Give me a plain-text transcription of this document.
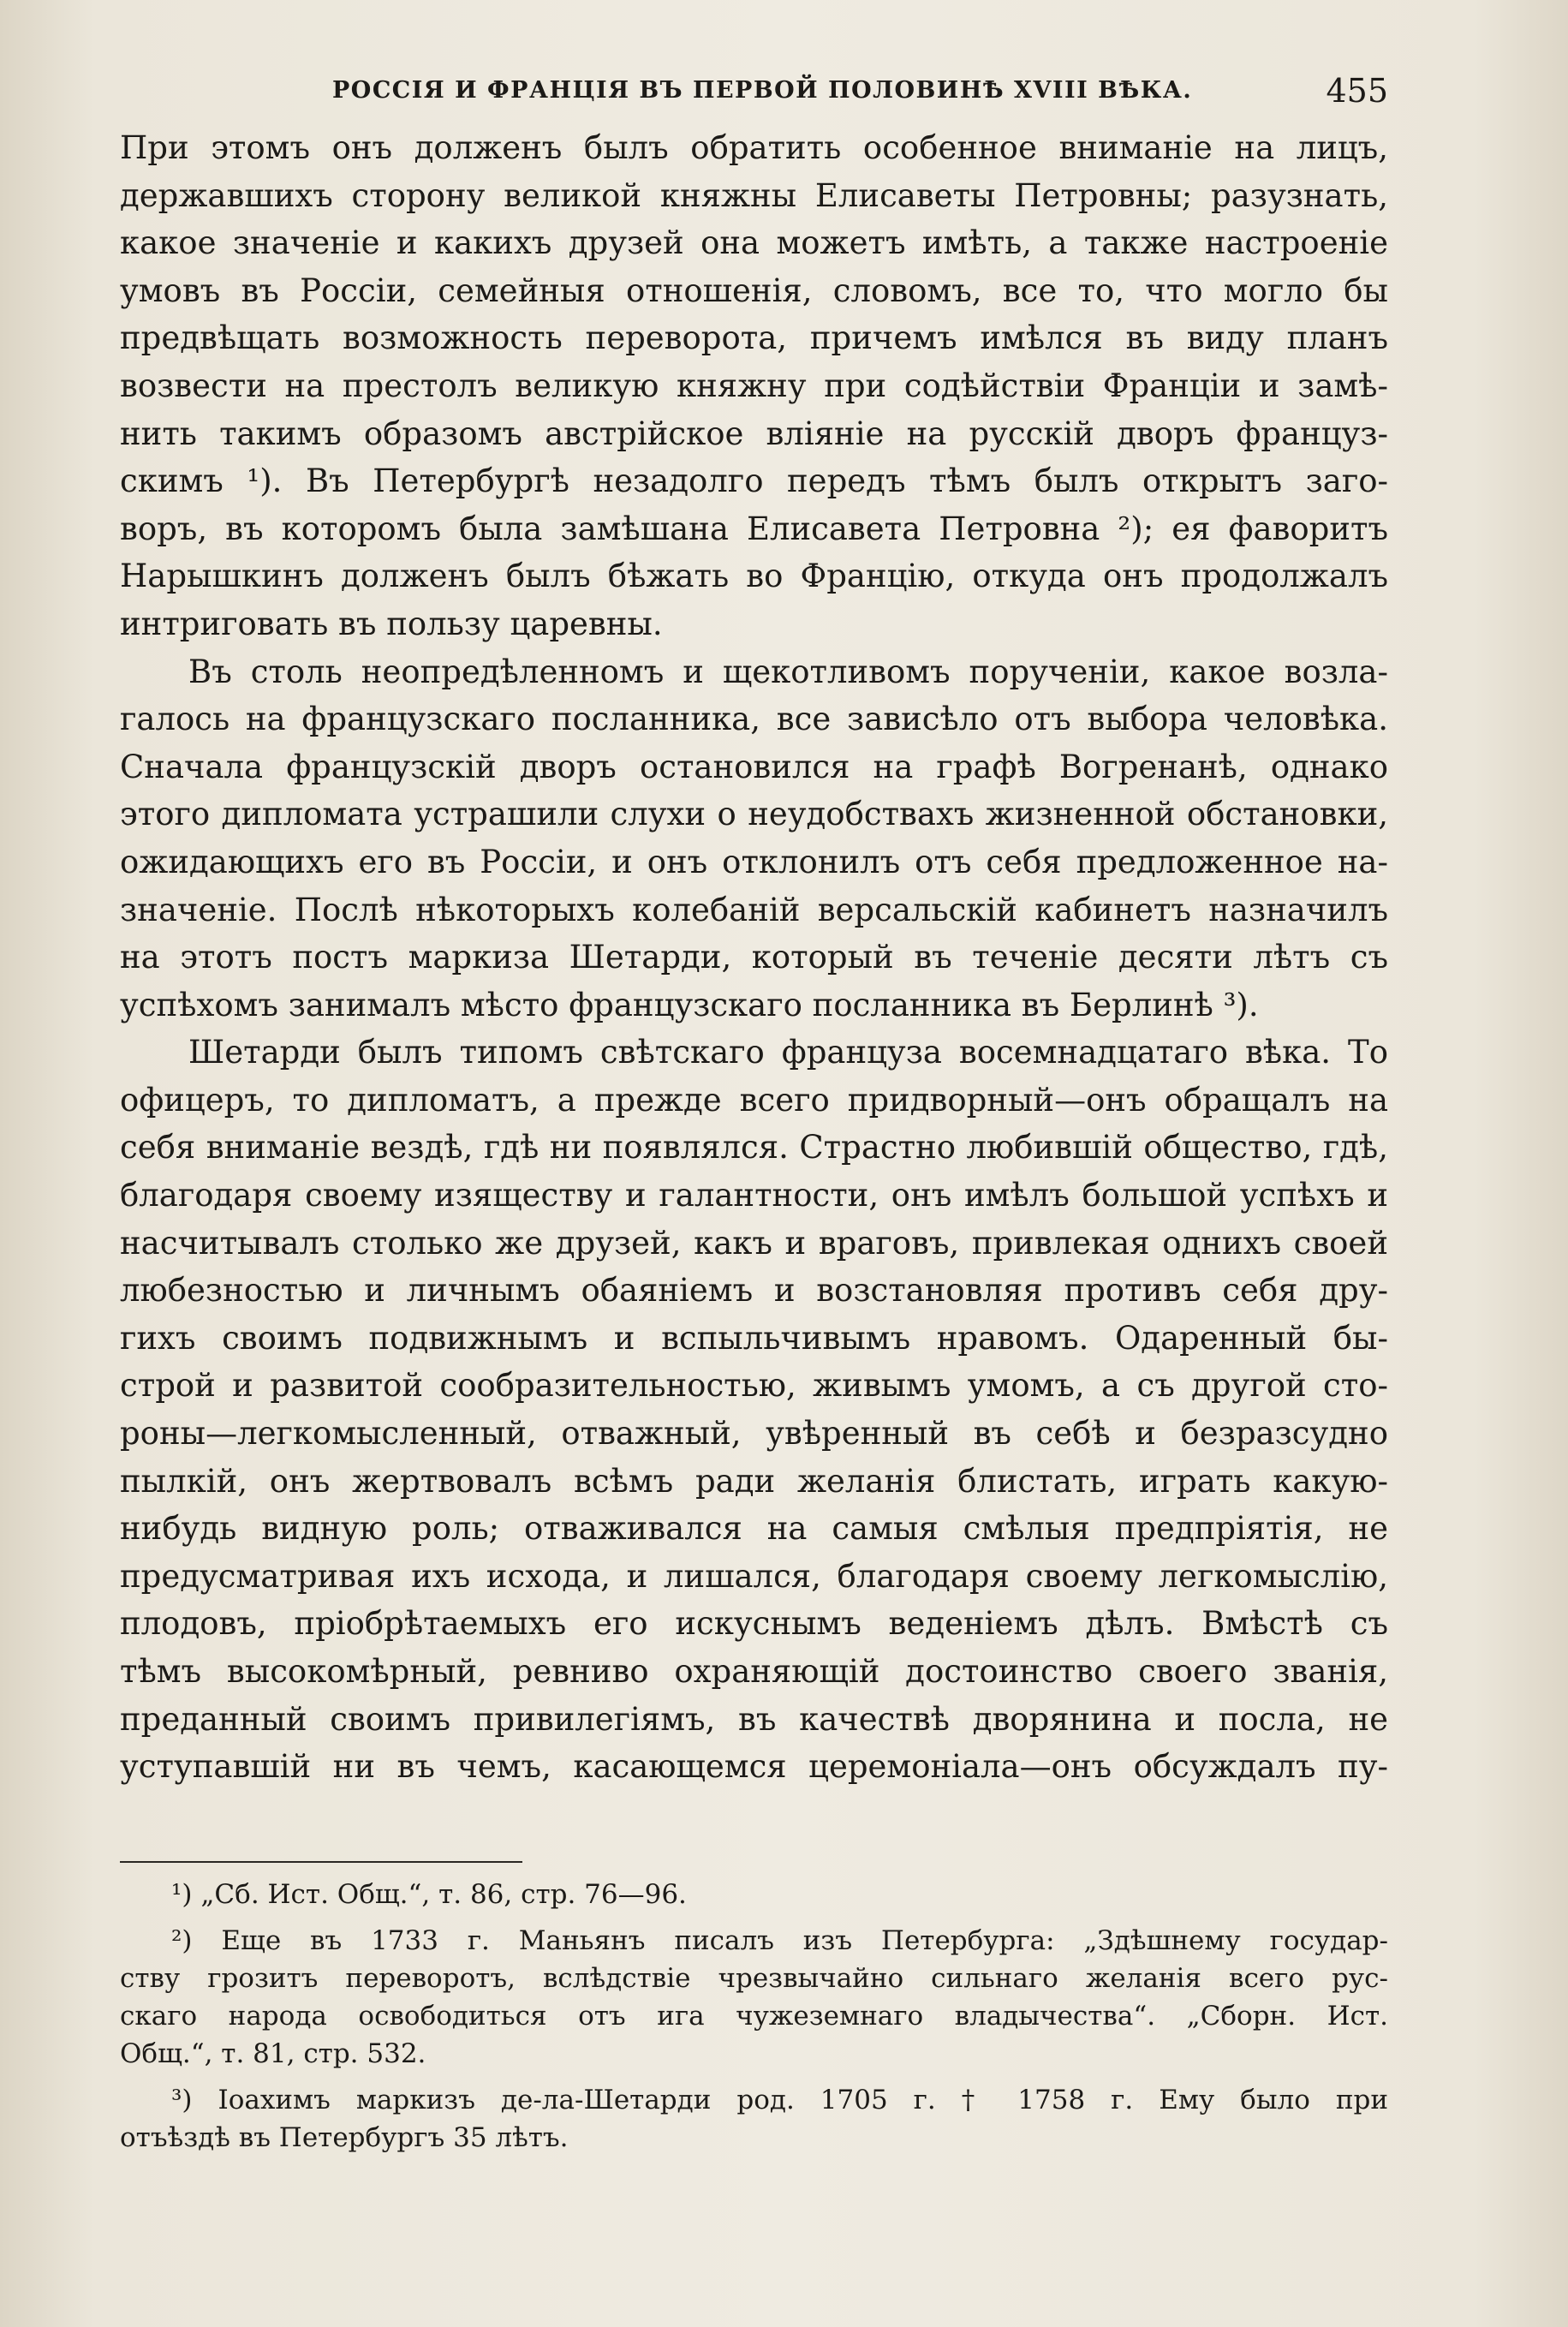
РОССІЯ И ФРАНЦІЯ ВЪ ПЕРВОЙ ПОЛОВИНѢ XVIII ВѢКА.	455
При этомъ онъ долженъ былъ обратить особенное вниманіе на лицъ,
державшихъ сторону великой княжны Елисаветы Петровны; разузнать,
какое значеніе и какихъ друзей она можетъ имѣть, а также настроеніе
умовъ въ Россіи, семейныя отношенія, словомъ, все то, что могло бы
предвѣщать возможность переворота, причемъ имѣлся въ виду планъ
возвести на престолъ великую княжну при содѣйствіи Франціи и замѣ-
нить такимъ образомъ австрійское вліяніе на русскій дворъ француз-
скимъ ¹). Въ Петербургѣ незадолго передъ тѣмъ былъ открытъ заго-
воръ, въ которомъ была замѣшана Елисавета Петровна ²); ея фаворитъ
Нарышкинъ долженъ былъ бѣжать во Францію, откуда онъ продолжалъ
интриговать въ пользу царевны.
Въ столь неопредѣленномъ и щекотливомъ порученіи, какое возла-
галось на французскаго посланника, все зависѣло отъ выбора человѣка.
Сначала французскій дворъ остановился на графѣ Вогренанѣ, однако
этого дипломата устрашили слухи о неудобствахъ жизненной обстановки,
ожидающихъ его въ Россіи, и онъ отклонилъ отъ себя предложенное на-
значеніе. Послѣ нѣкоторыхъ колебаній версальскій кабинетъ назначилъ
на этотъ постъ маркиза Шетарди, который въ теченіе десяти лѣтъ съ
успѣхомъ занималъ мѣсто французскаго посланника въ Берлинѣ ³).
Шетарди былъ типомъ свѣтскаго француза восемнадцатаго вѣка. То
офицеръ, то дипломатъ, а прежде всего придворный—онъ обращалъ на
себя вниманіе вездѣ, гдѣ ни появлялся. Страстно любившій общество, гдѣ,
благодаря своему изяществу и галантности, онъ имѣлъ большой успѣхъ и
насчитывалъ столько же друзей, какъ и враговъ, привлекая однихъ своей
любезностью и личнымъ обаяніемъ и возстановляя противъ себя дру-
гихъ своимъ подвижнымъ и вспыльчивымъ нравомъ. Одаренный бы-
строй и развитой сообразительностью, живымъ умомъ, а съ другой сто-
роны—легкомысленный, отважный, увѣренный въ себѣ и безразсудно
пылкій, онъ жертвовалъ всѣмъ ради желанія блистать, играть какую-
нибудь видную роль; отваживался на самыя смѣлыя предпріятія, не
предусматривая ихъ исхода, и лишался, благодаря своему легкомыслію,
плодовъ, пріобрѣтаемыхъ его искуснымъ веденіемъ дѣлъ. Вмѣстѣ съ
тѣмъ высокомѣрный, ревниво охраняющій достоинство своего званія,
преданный своимъ привилегіямъ, въ качествѣ дворянина и посла, не
уступавшій ни въ чемъ, касающемся церемоніала—онъ обсуждалъ пу-
¹) „Сб. Ист. Общ.“, т. 86, стр. 76—96.
²) Еще въ 1733 г. Маньянъ писалъ изъ Петербурга: „Здѣшнему государ-
ству грозитъ переворотъ, вслѣдствіе чрезвычайно сильнаго желанія всего рус-
скаго народа освободиться отъ ига чужеземнаго владычества“. „Сборн. Ист.
Общ.“, т. 81, стр. 532.
³) Іоахимъ маркизъ де-ла-Шетарди род. 1705 г. † 1758 г. Ему было при
отъѣздѣ въ Петербургъ 35 лѣтъ.
